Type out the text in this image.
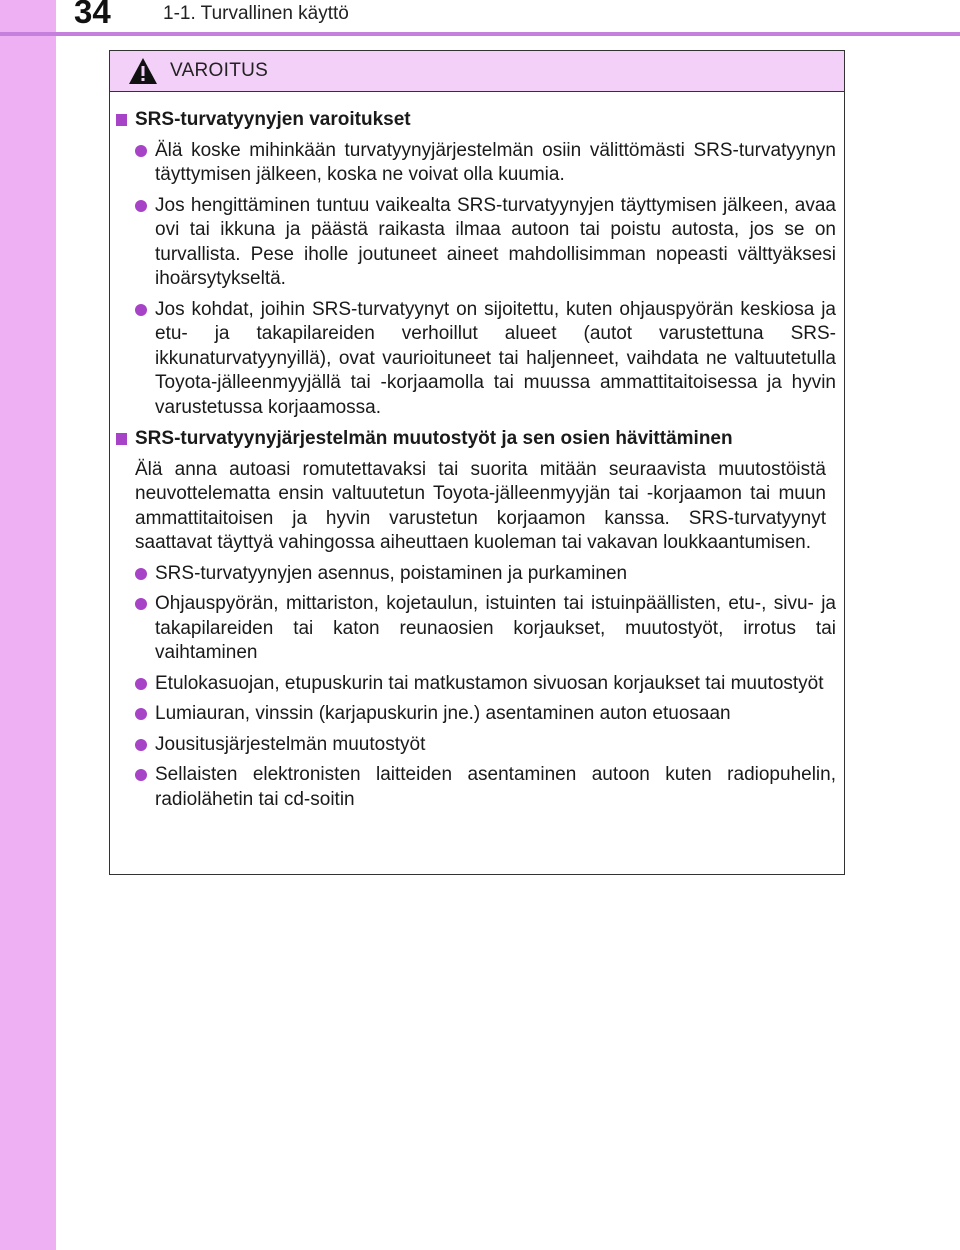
34	1-1. Turvallinen käyttö
VAROITUS
SRS-turvatyynyjen varoitukset
Älä koske mihinkään turvatyynyjärjestelmän osiin välittömästi SRS-turvatyynyn täyttymisen jälkeen, koska ne voivat olla kuumia.
Jos hengittäminen tuntuu vaikealta SRS-turvatyynyjen täyttymisen jälkeen, avaa ovi tai ikkuna ja päästä raikasta ilmaa autoon tai poistu autosta, jos se on turvallista. Pese iholle joutuneet aineet mahdollisimman nopeasti välttyäksesi ihoärsytykseltä.
Jos kohdat, joihin SRS-turvatyynyt on sijoitettu, kuten ohjauspyörän keskiosa ja etu- ja takapilareiden verhoillut alueet (autot varustettuna SRS-ikkunaturvatyynyillä), ovat vaurioituneet tai haljenneet, vaihdata ne valtuutetulla Toyota-jälleenmyyjällä tai -korjaamolla tai muussa ammattitaitoisessa ja hyvin varustetussa korjaamossa.
SRS-turvatyynyjärjestelmän muutostyöt ja sen osien hävittäminen
Älä anna autoasi romutettavaksi tai suorita mitään seuraavista muutostöistä neuvottelematta ensin valtuutetun Toyota-jälleenmyyjän tai -korjaamon tai muun ammattitaitoisen ja hyvin varustetun korjaamon kanssa. SRS-turvatyynyt saattavat täyttyä vahingossa aiheuttaen kuoleman tai vakavan loukkaantumisen.
SRS-turvatyynyjen asennus, poistaminen ja purkaminen
Ohjauspyörän, mittariston, kojetaulun, istuinten tai istuinpäällisten, etu-, sivu- ja takapilareiden tai katon reunaosien korjaukset, muutostyöt, irrotus tai vaihtaminen
Etulokasuojan, etupuskurin tai matkustamon sivuosan korjaukset tai muutostyöt
Lumiauran, vinssin (karjapuskurin jne.) asentaminen auton etuosaan
Jousitusjärjestelmän muutostyöt
Sellaisten elektronisten laitteiden asentaminen autoon kuten radiopuhelin, radiolähetin tai cd-soitin
